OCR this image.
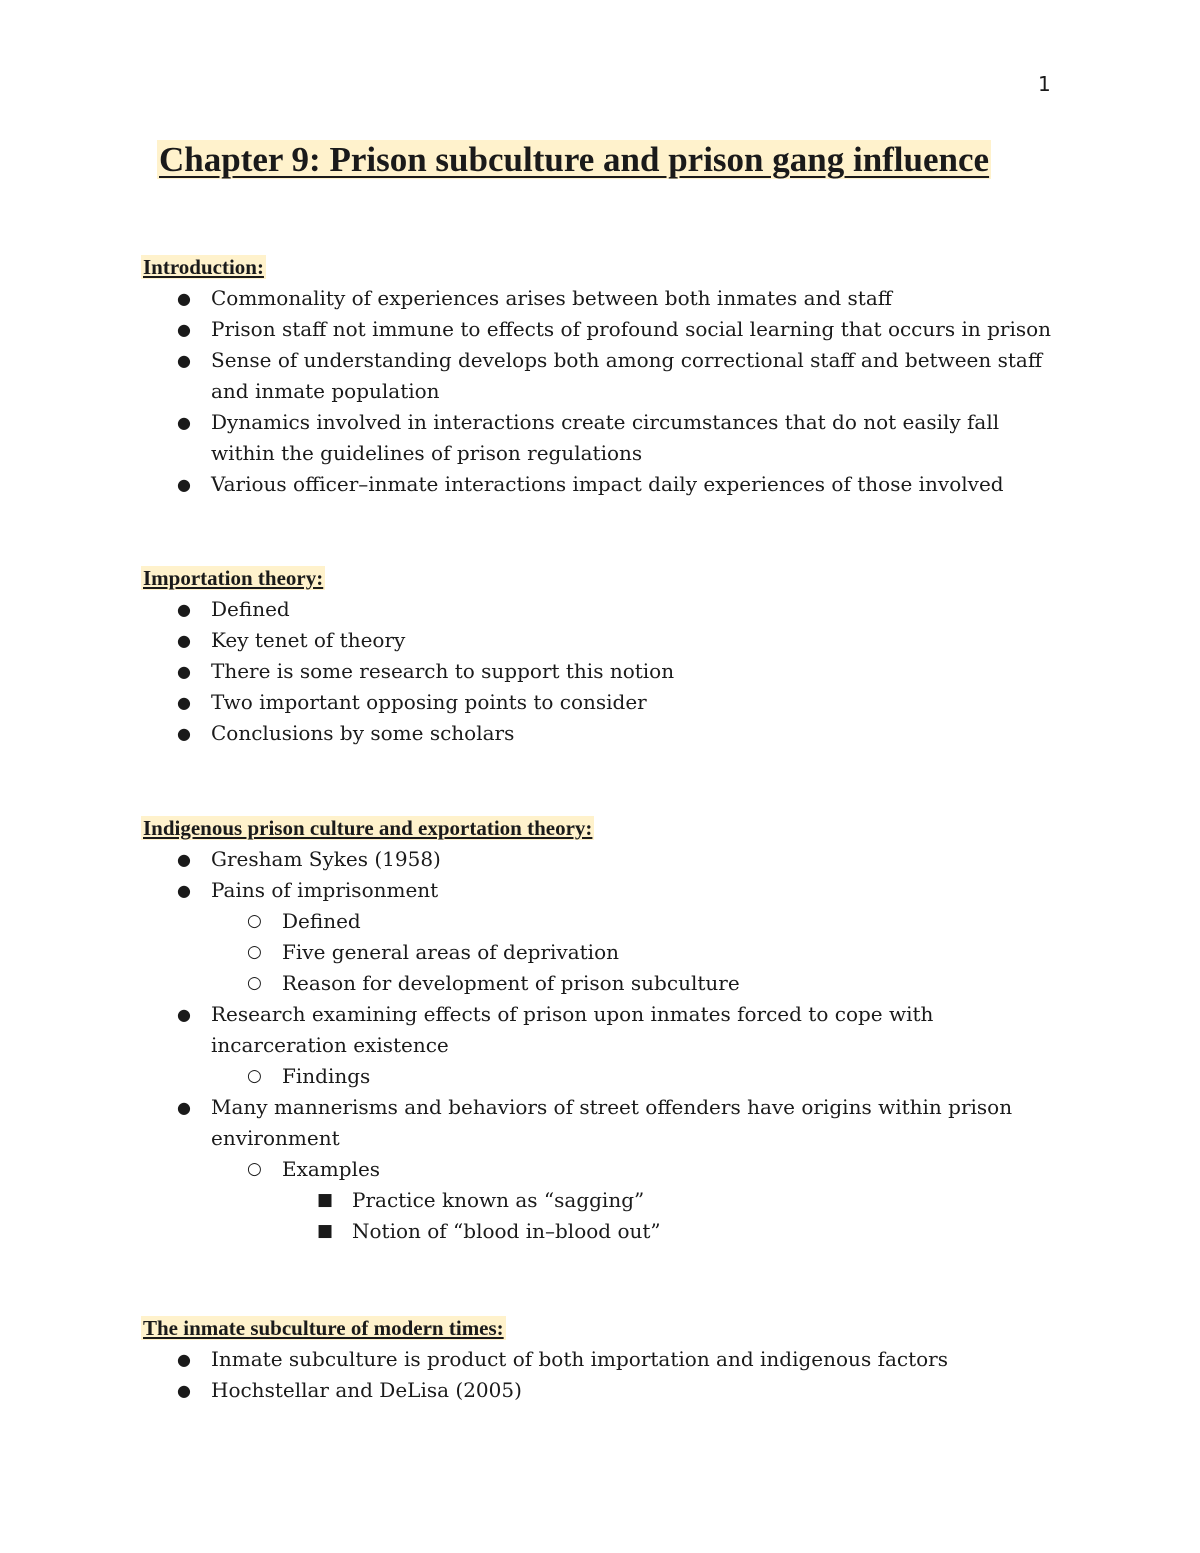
1
Chapter 9: Prison subculture and prison gang influence
Introduction:
● Commonality of experiences arises between both inmates and staff
● Prison staff not immune to effects of profound social learning that occurs in prison
● Sense of understanding develops both among correctional staff and between staff and inmate population
● Dynamics involved in interactions create circumstances that do not easily fall within the guidelines of prison regulations
● Various officer–inmate interactions impact daily experiences of those involved
Importation theory:
● Defined
● Key tenet of theory
● There is some research to support this notion
● Two important opposing points to consider
● Conclusions by some scholars
Indigenous prison culture and exportation theory:
● Gresham Sykes (1958)
● Pains of imprisonment
○ Defined
○ Five general areas of deprivation
○ Reason for development of prison subculture
● Research examining effects of prison upon inmates forced to cope with incarceration existence
○ Findings
● Many mannerisms and behaviors of street offenders have origins within prison environment
○ Examples
■ Practice known as “sagging”
■ Notion of “blood in–blood out”
The inmate subculture of modern times:
● Inmate subculture is product of both importation and indigenous factors
● Hochstellar and DeLisa (2005)
